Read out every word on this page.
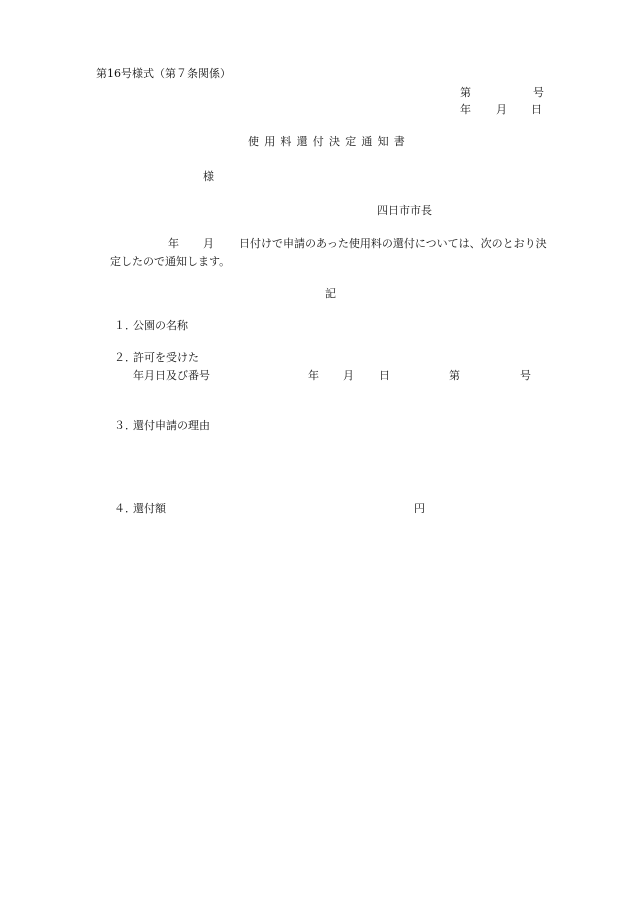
第16号様式（第７条関係）
第	号
年 月 日
使用料還付決定通知書
様
四日市市長
年 月 日付けで申請のあった使用料の還付については、次のとおり決
定したので通知します。
記
１．
公園の名称
２．
許可を受けた
年月日及び番号	年 月 日	第	号
３．
還付申請の理由
４．
還付額	円
